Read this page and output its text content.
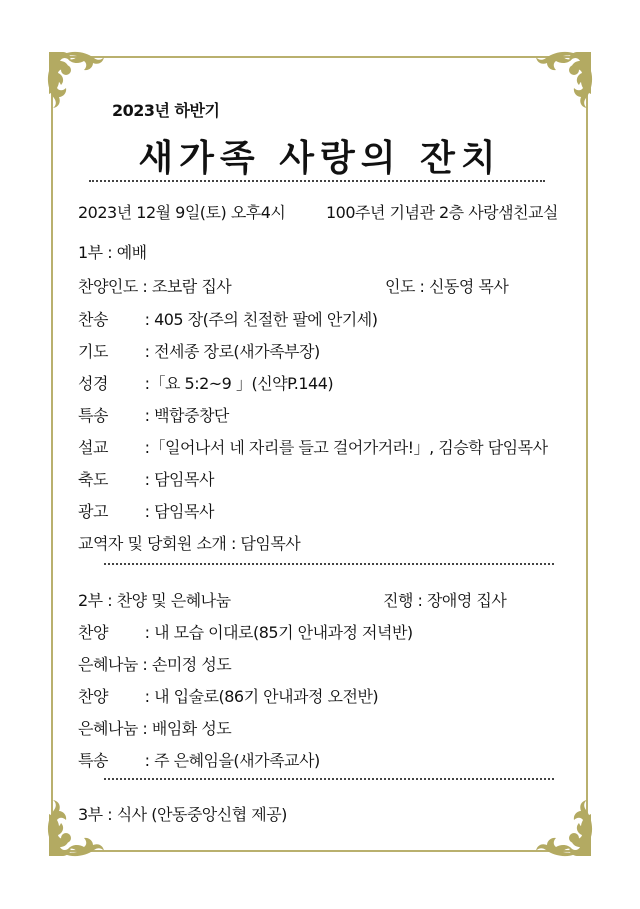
2023년 하반기
새가족 사랑의 잔치
2023년 12월 9일(토) 오후4시	100주년 기념관 2층 사랑샘친교실
1부 : 예배
찬양인도 : 조보람 집사	인도 : 신동영 목사
찬송 : 405 장(주의 친절한 팔에 안기세)
기도 : 전세종 장로(새가족부장)
성경 :「요 5:2~9 」(신약P.144)
특송 : 백합중창단
설교 :「일어나서 네 자리를 들고 걸어가거라!」, 김승학 담임목사
축도 : 담임목사
광고 : 담임목사
교역자 및 당회원 소개 : 담임목사
2부 : 찬양 및 은혜나눔	진행 : 장애영 집사
찬양 : 내 모습 이대로(85기 안내과정 저녁반)
은혜나눔 : 손미정 성도
찬양 : 내 입술로(86기 안내과정 오전반)
은혜나눔 : 배임화 성도
특송 : 주 은혜임을(새가족교사)
3부 : 식사 (안동중앙신협 제공)
